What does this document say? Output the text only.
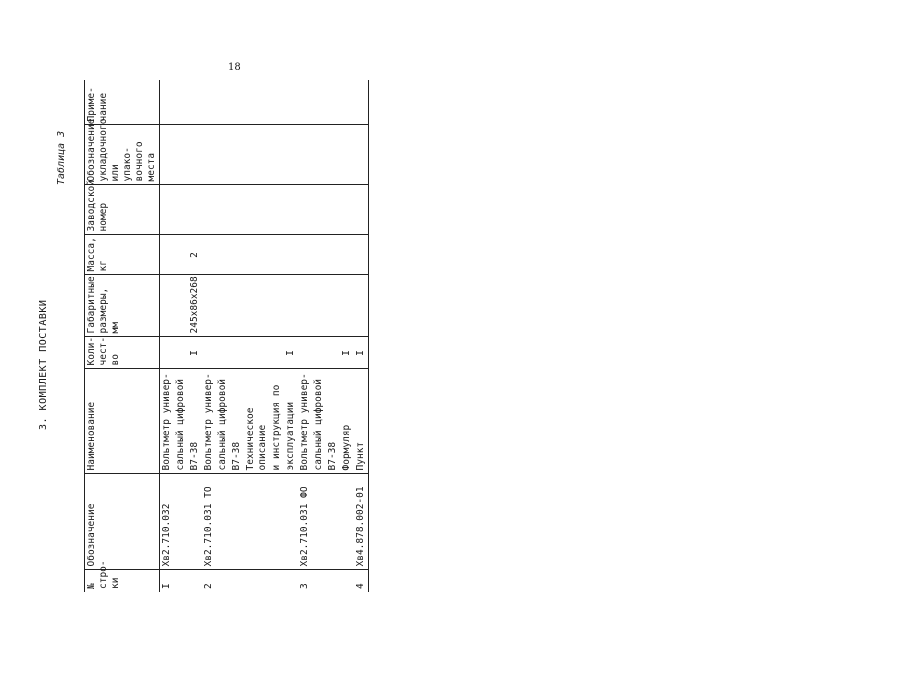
18
3. КОМПЛЕКТ ПОСТАВКИ
Таблица 3
№
стро-
ки	Обозначение	Наименование	Коли-
чест-
во	Габаритные
размеры,
мм	Масса,
кг	Заводской
номер	Обозначение
укладочного
или упако-
вочного
места	Приме-
чание
I	Хв2.710.032	Вольтметр универ-						
		сальный цифровой						
		В7-38	I	245х86х268	2			
2	Хв2.710.031 ТО	Вольтметр универ-						
		сальный цифровой						
		В7-38						
		Техническое описание						
		и инструкция по						
		эксплуатации	I					
3	Хв2.710.031 ФО	Вольтметр универ-						
		сальный цифровой						
		В7-38						
		Формуляр	I					
4	Хв4.878.002-01	Пункт	I					
